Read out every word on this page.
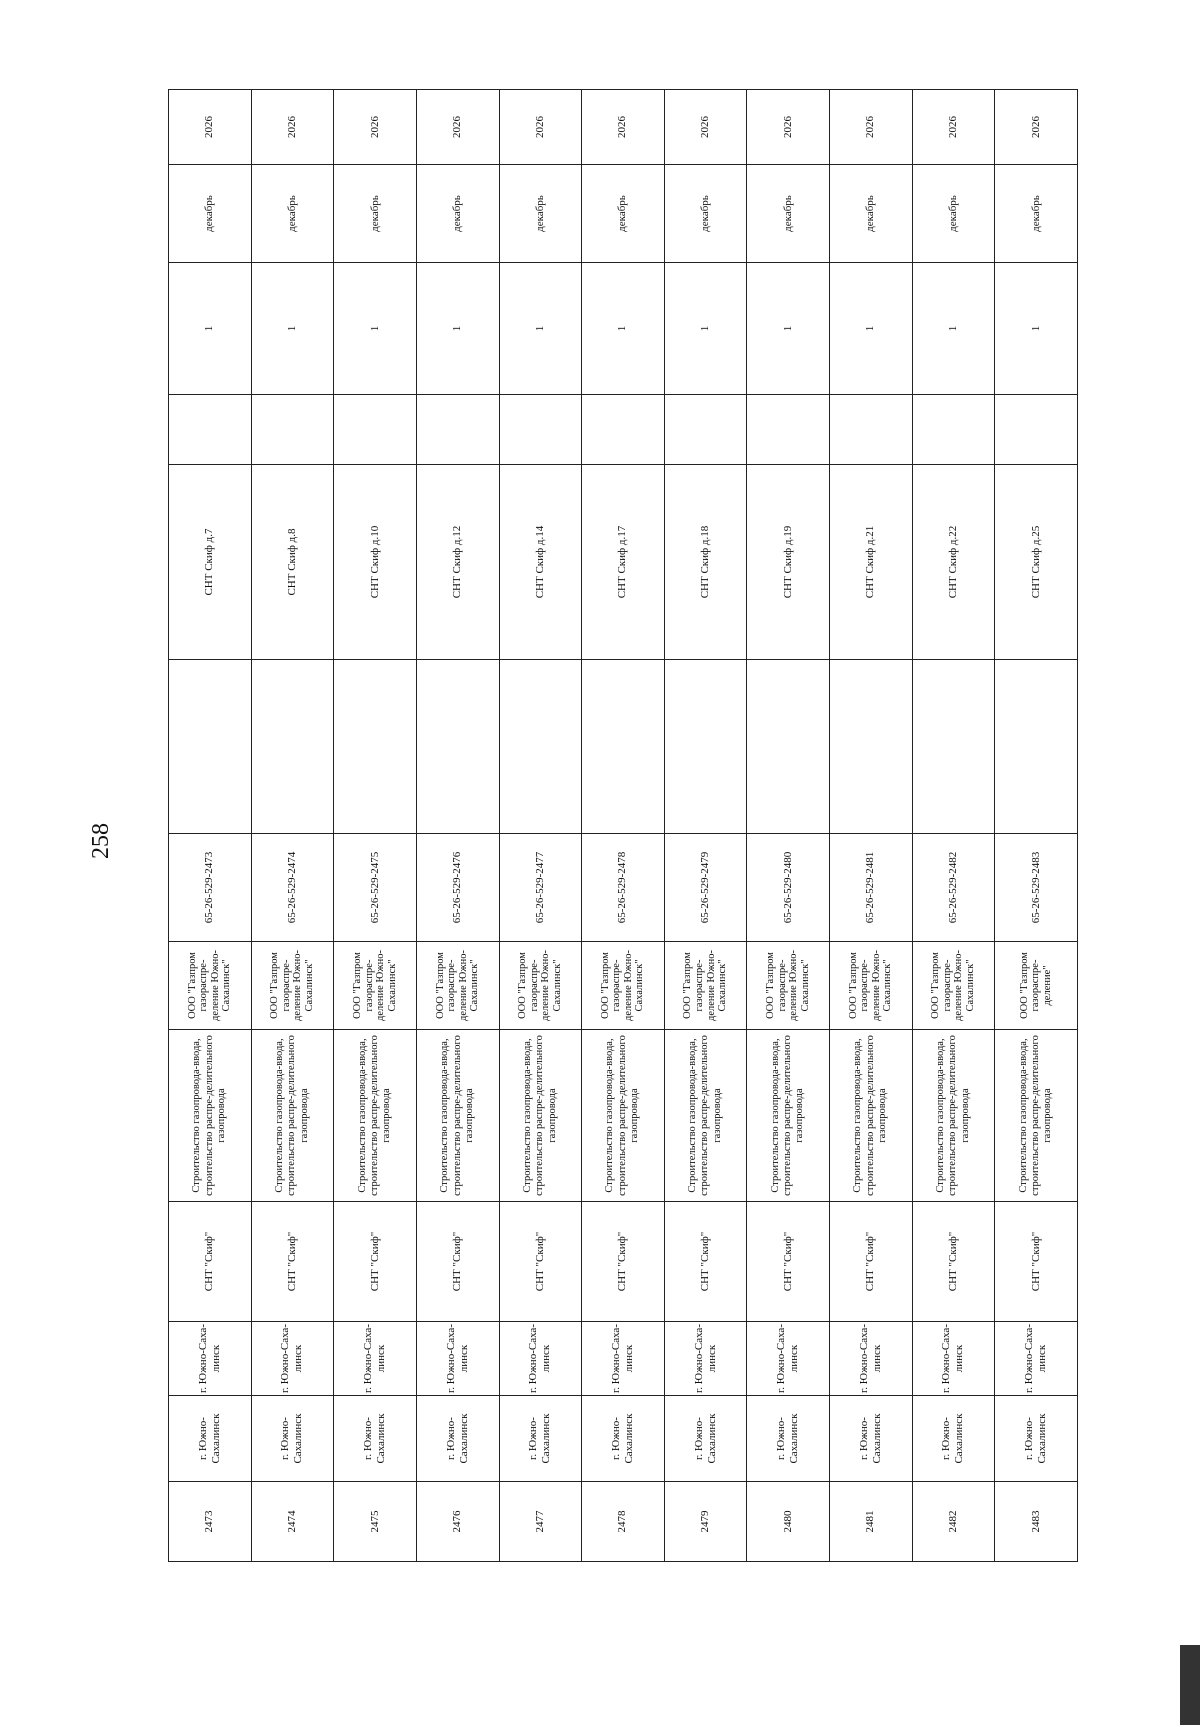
258
2473	г. Южно-Сахалинск	г. Южно-Саха-линск	СНТ "Скиф"	Строительство газопровода-ввода, строительство распре-делительного газопровода	ООО "Газпром газораспре-деление Южно-Сахалинск"	65-26-529-2473		СНТ Скиф д.7		1	декабрь	2026
2474	г. Южно-Сахалинск	г. Южно-Саха-линск	СНТ "Скиф"	Строительство газопровода-ввода, строительство распре-делительного газопровода	ООО "Газпром газораспре-деление Южно-Сахалинск"	65-26-529-2474		СНТ Скиф д.8		1	декабрь	2026
2475	г. Южно-Сахалинск	г. Южно-Саха-линск	СНТ "Скиф"	Строительство газопровода-ввода, строительство распре-делительного газопровода	ООО "Газпром газораспре-деление Южно-Сахалинск"	65-26-529-2475		СНТ Скиф д.10		1	декабрь	2026
2476	г. Южно-Сахалинск	г. Южно-Саха-линск	СНТ "Скиф"	Строительство газопровода-ввода, строительство распре-делительного газопровода	ООО "Газпром газораспре-деление Южно-Сахалинск"	65-26-529-2476		СНТ Скиф д.12		1	декабрь	2026
2477	г. Южно-Сахалинск	г. Южно-Саха-линск	СНТ "Скиф"	Строительство газопровода-ввода, строительство распре-делительного газопровода	ООО "Газпром газораспре-деление Южно-Сахалинск"	65-26-529-2477		СНТ Скиф д.14		1	декабрь	2026
2478	г. Южно-Сахалинск	г. Южно-Саха-линск	СНТ "Скиф"	Строительство газопровода-ввода, строительство распре-делительного газопровода	ООО "Газпром газораспре-деление Южно-Сахалинск"	65-26-529-2478		СНТ Скиф д.17		1	декабрь	2026
2479	г. Южно-Сахалинск	г. Южно-Саха-линск	СНТ "Скиф"	Строительство газопровода-ввода, строительство распре-делительного газопровода	ООО "Газпром газораспре-деление Южно-Сахалинск"	65-26-529-2479		СНТ Скиф д.18		1	декабрь	2026
2480	г. Южно-Сахалинск	г. Южно-Саха-линск	СНТ "Скиф"	Строительство газопровода-ввода, строительство распре-делительного газопровода	ООО "Газпром газораспре-деление Южно-Сахалинск"	65-26-529-2480		СНТ Скиф д.19		1	декабрь	2026
2481	г. Южно-Сахалинск	г. Южно-Саха-линск	СНТ "Скиф"	Строительство газопровода-ввода, строительство распре-делительного газопровода	ООО "Газпром газораспре-деление Южно-Сахалинск"	65-26-529-2481		СНТ Скиф д.21		1	декабрь	2026
2482	г. Южно-Сахалинск	г. Южно-Саха-линск	СНТ "Скиф"	Строительство газопровода-ввода, строительство распре-делительного газопровода	ООО "Газпром газораспре-деление Южно-Сахалинск"	65-26-529-2482		СНТ Скиф д.22		1	декабрь	2026
2483	г. Южно-Сахалинск	г. Южно-Саха-линск	СНТ "Скиф"	Строительство газопровода-ввода, строительство распре-делительного газопровода	ООО "Газпром газораспре-деление"	65-26-529-2483		СНТ Скиф д.25		1	декабрь	2026
